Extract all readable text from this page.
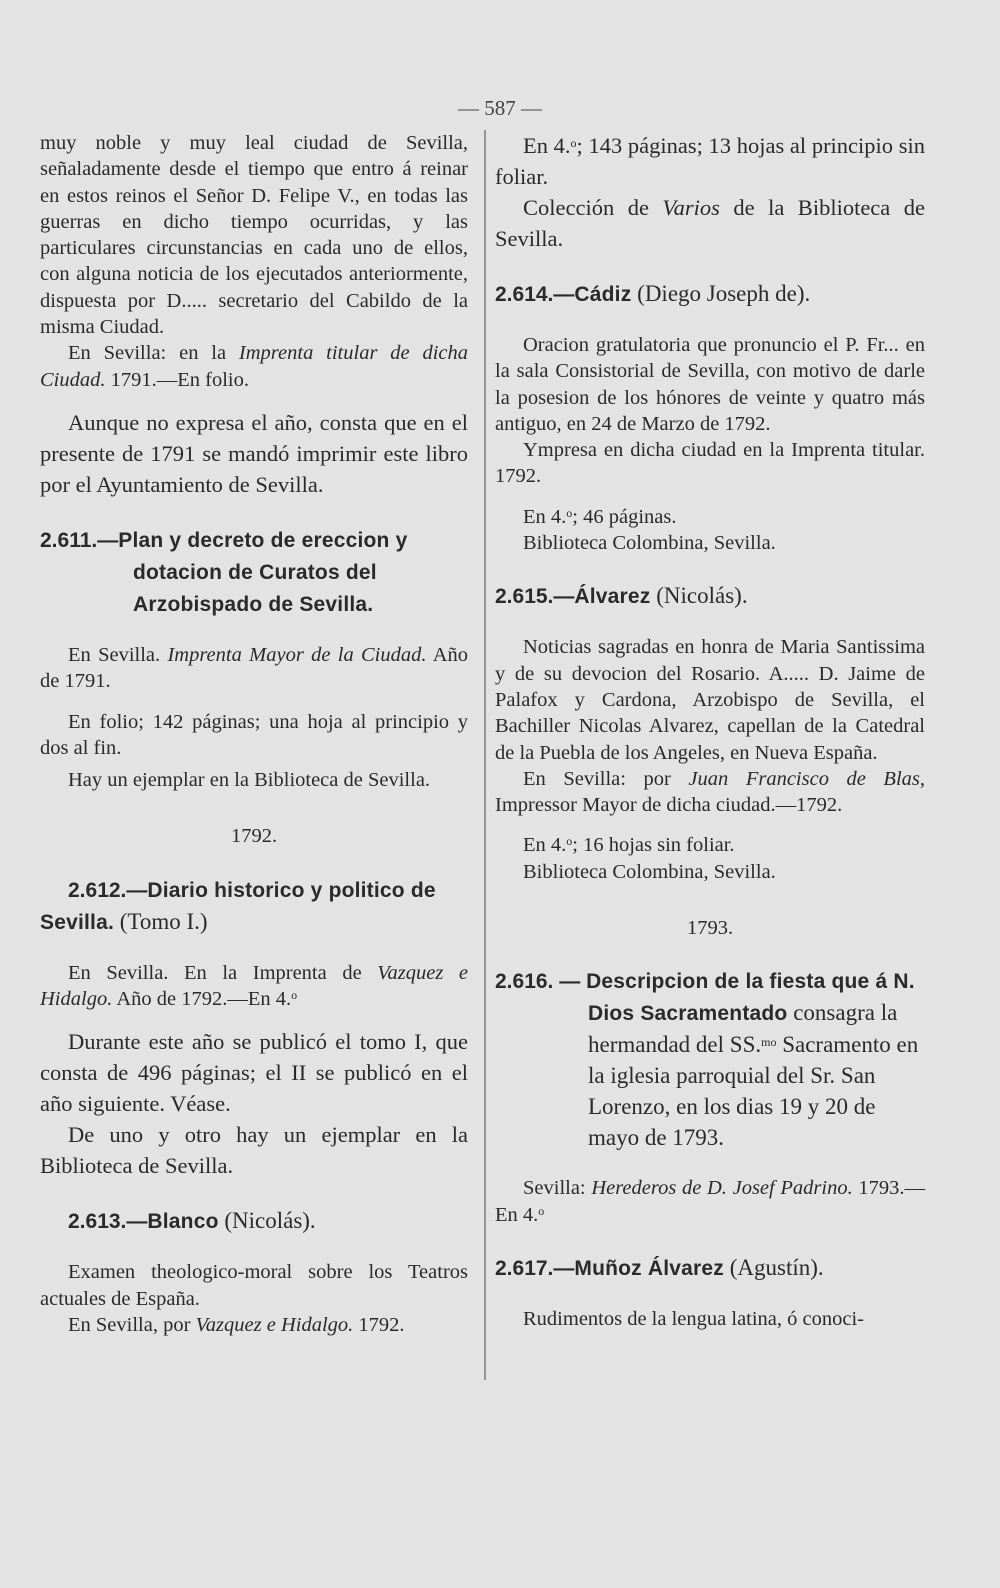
— 587 —

muy noble y muy leal ciudad de Sevilla, señaladamente desde el tiempo que entro á reinar en estos reinos el Señor D. Felipe V., en todas las guerras en dicho tiempo ocurridas, y las particulares circunstancias en cada uno de ellos, con alguna noticia de los ejecutados anteriormente, dispuesta por D..... secretario del Cabildo de la misma Ciudad.

En Sevilla: en la Imprenta titular de dicha Ciudad. 1791.—En folio.

Aunque no expresa el año, consta que en el presente de 1791 se mandó imprimir este libro por el Ayuntamiento de Sevilla.

2.611.—Plan y decreto de ereccion y dotacion de Curatos del Arzobispado de Sevilla.

En Sevilla. Imprenta Mayor de la Ciudad. Año de 1791.

En folio; 142 páginas; una hoja al principio y dos al fin.

Hay un ejemplar en la Biblioteca de Sevilla.

1792.

2.612.—Diario historico y politico de Sevilla. (Tomo I.)

En Sevilla. En la Imprenta de Vazquez e Hidalgo. Año de 1792.—En 4.$^o$

Durante este año se publicó el tomo I, que consta de 496 páginas; el II se publicó en el año siguiente. Véase.

De uno y otro hay un ejemplar en la Biblioteca de Sevilla.

2.613.—Blanco (Nicolás).

Examen theologico-moral sobre los Teatros actuales de España.

En Sevilla, por Vazquez e Hidalgo. 1792.

En 4.$^o$; 143 páginas; 13 hojas al principio sin foliar.

Colección de Varios de la Biblioteca de Sevilla.

2.614.—Cádiz (Diego Joseph de).

Oracion gratulatoria que pronuncio el P. Fr... en la sala Consistorial de Sevilla, con motivo de darle la posesion de los hónores de veinte y quatro más antiguo, en 24 de Marzo de 1792.

Ympresa en dicha ciudad en la Imprenta titular. 1792.

En 4.$^o$; 46 páginas.

Biblioteca Colombina, Sevilla.

2.615.—Álvarez (Nicolás).

Noticias sagradas en honra de Maria Santissima y de su devocion del Rosario. A..... D. Jaime de Palafox y Cardona, Arzobispo de Sevilla, el Bachiller Nicolas Alvarez, capellan de la Catedral de la Puebla de los Angeles, en Nueva España.

En Sevilla: por Juan Francisco de Blas, Impressor Mayor de dicha ciudad.—1792.

En 4.$^o$; 16 hojas sin foliar.

Biblioteca Colombina, Sevilla.

1793.

2.616. — Descripcion de la fiesta que á N. Dios Sacramentado consagra la hermandad del SS.$^{mo}$ Sacramento en la iglesia parroquial del Sr. San Lorenzo, en los dias 19 y 20 de mayo de 1793.

Sevilla: Herederos de D. Josef Padrino. 1793.—En 4.$^o$

2.617.—Muñoz Álvarez (Agustín).

Rudimentos de la lengua latina, ó conoci-
